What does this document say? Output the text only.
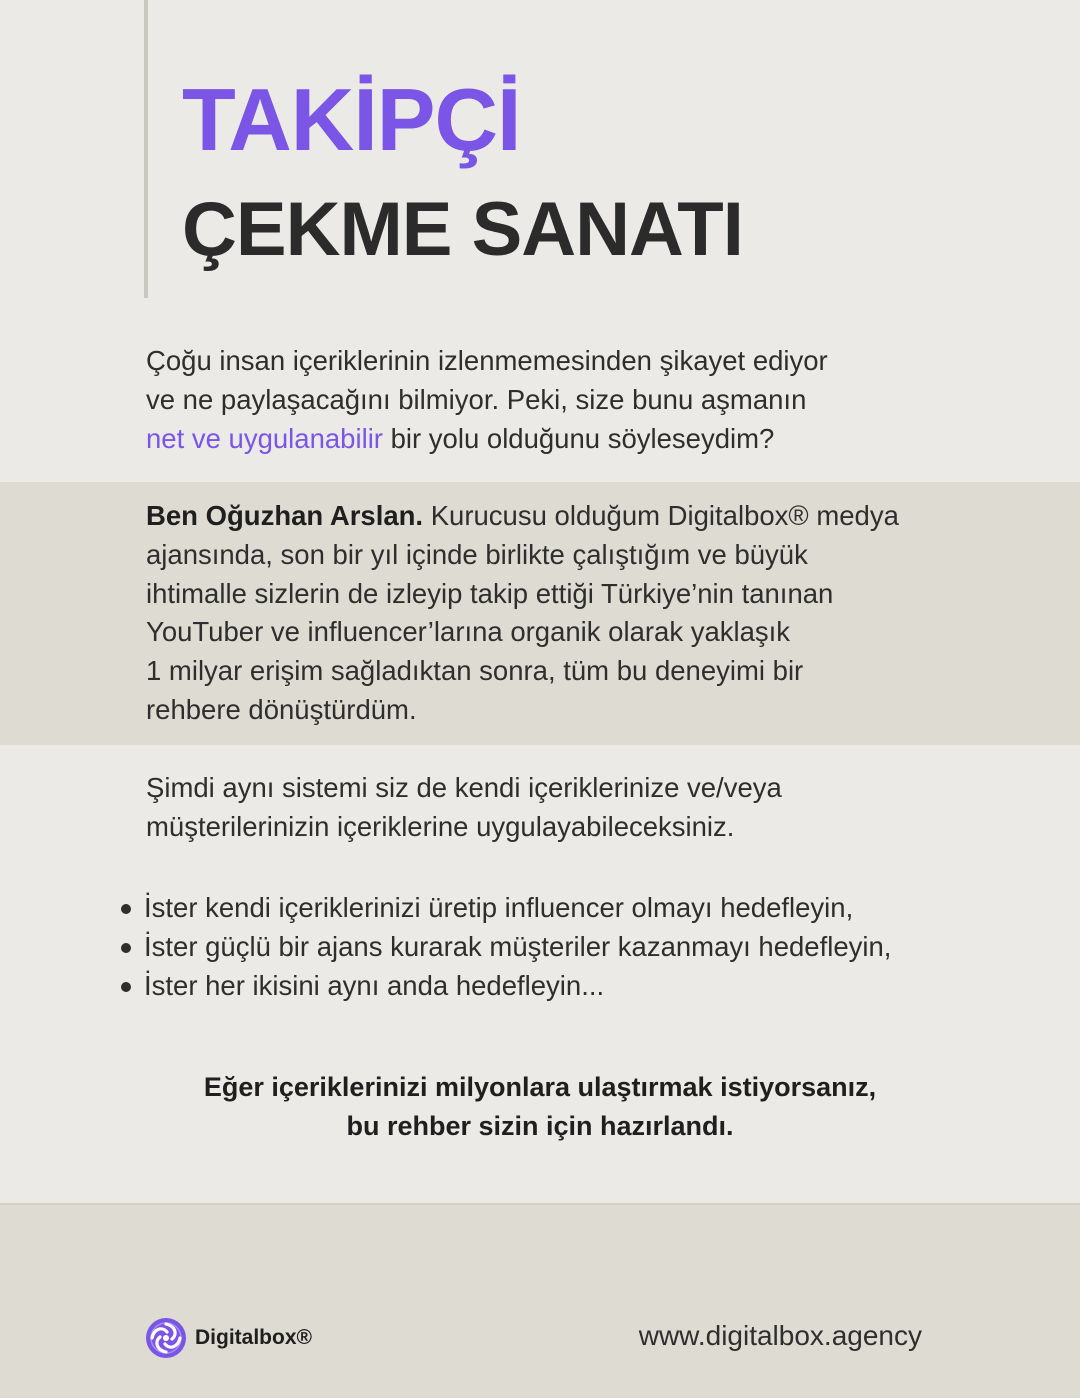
TAKİPÇİ
ÇEKME SANATI

Çoğu insan içeriklerinin izlenmemesinden şikayet ediyor
ve ne paylaşacağını bilmiyor. Peki, size bunu aşmanın
net ve uygulanabilir bir yolu olduğunu söyleseydim?

Ben Oğuzhan Arslan. Kurucusu olduğum Digitalbox® medya
ajansında, son bir yıl içinde birlikte çalıştığım ve büyük
ihtimalle sizlerin de izleyip takip ettiği Türkiye’nin tanınan
YouTuber ve influencer’larına organik olarak yaklaşık
1 milyar erişim sağladıktan sonra, tüm bu deneyimi bir
rehbere dönüştürdüm.

Şimdi aynı sistemi siz de kendi içeriklerinize ve/veya
müşterilerinizin içeriklerine uygulayabileceksiniz.

İster kendi içeriklerinizi üretip influencer olmayı hedefleyin,
İster güçlü bir ajans kurarak müşteriler kazanmayı hedefleyin,
İster her ikisini aynı anda hedefleyin...

Eğer içeriklerinizi milyonlara ulaştırmak istiyorsanız,
bu rehber sizin için hazırlandı.

Digitalbox®	www.digitalbox.agency
